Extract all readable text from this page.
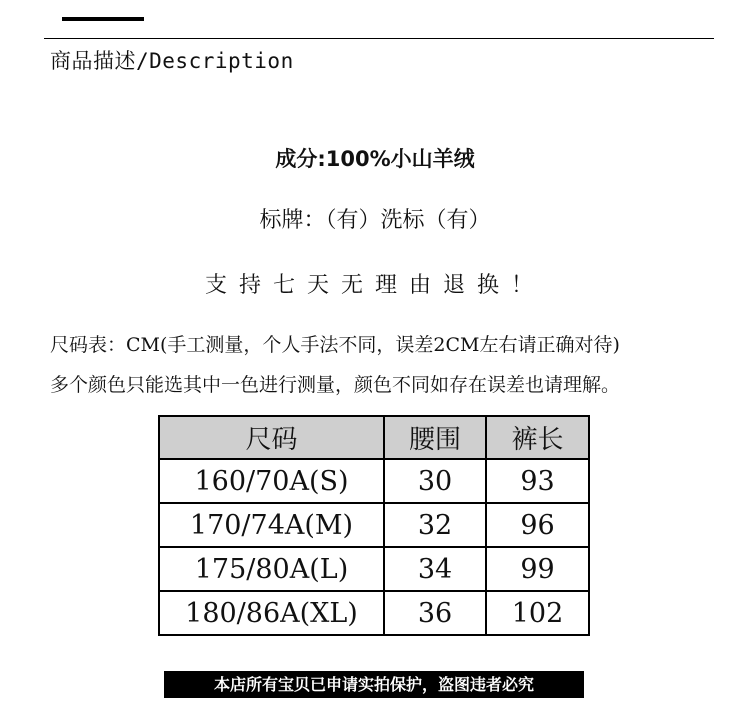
商品描述/Description
成分:100%小山羊绒
标牌：（有）洗标（有）
支持七天无理由退换！
尺码表：CM(手工测量，个人手法不同，误差2CM左右请正确对待)
多个颜色只能选其中一色进行测量，颜色不同如存在误差也请理解。
尺码	腰围	裤长
160/70A(S)	30	93
170/74A(M)	32	96
175/80A(L)	34	99
180/86A(XL)	36	102
本店所有宝贝已申请实拍保护，盗图违者必究
